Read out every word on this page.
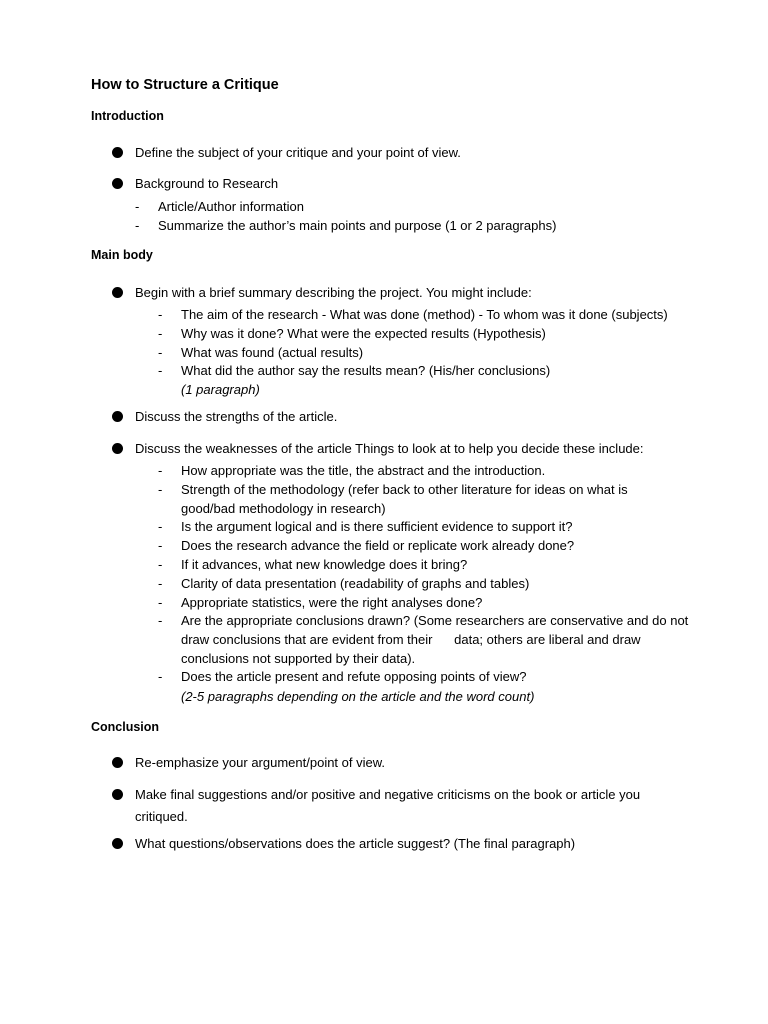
How to Structure a Critique
Introduction
Define the subject of your critique and your point of view.
Background to Research
- Article/Author information
- Summarize the author’s main points and purpose (1 or 2 paragraphs)
Main body
Begin with a brief summary describing the project. You might include:
- The aim of the research - What was done (method) - To whom was it done (subjects)
- Why was it done? What were the expected results (Hypothesis)
- What was found (actual results)
- What did the author say the results mean? (His/her conclusions)
(1 paragraph)
Discuss the strengths of the article.
Discuss the weaknesses of the article Things to look at to help you decide these include:
- How appropriate was the title, the abstract and the introduction.
- Strength of the methodology (refer back to other literature for ideas on what is
good/bad methodology in research)
- Is the argument logical and is there sufficient evidence to support it?
- Does the research advance the field or replicate work already done?
- If it advances, what new knowledge does it bring?
- Clarity of data presentation (readability of graphs and tables)
- Appropriate statistics, were the right analyses done?
- Are the appropriate conclusions drawn? (Some researchers are conservative and do not
draw conclusions that are evident from their      data; others are liberal and draw
conclusions not supported by their data).
- Does the article present and refute opposing points of view?
(2-5 paragraphs depending on the article and the word count)
Conclusion
Re-emphasize your argument/point of view.
Make final suggestions and/or positive and negative criticisms on the book or article you
critiqued.
What questions/observations does the article suggest? (The final paragraph)
